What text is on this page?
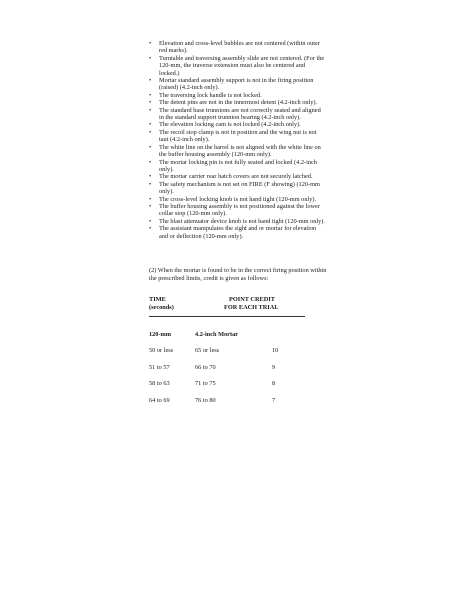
• Elevation and cross-level bubbles are not centered (within outer red marks).
• Turntable and traversing assembly slide are not centered. (For the 120-mm, the traverse extension must also be centered and locked.)
• Mortar standard assembly support is not in the firing position (raised) (4.2-inch only).
• The traversing lock handle is not locked.
• The detent pins are not in the innermost detent (4.2-inch only).
• The standard base trunnions are not correctly seated and aligned in the standard support trunnion bearing (4.2-inch only).
• The elevation locking cam is not locked (4.2-inch only).
• The recoil stop clamp is not in position and the wing nut is not taut (4.2-inch only).
• The white line on the barrel is not aligned with the white line on the buffer housing assembly (120-mm only).
• The mortar locking pin is not fully seated and locked (4.2-inch only).
• The mortar carrier rear hatch covers are not securely latched.
• The safety mechanism is not set on FIRE (F showing) (120-mm only).
• The cross-level locking knob is not hand tight (120-mm only).
• The buffer housing assembly is not positioned against the lower collar stop (120-mm only).
• The blast attenuator device knob is not hand tight (120-mm only).
• The assistant manipulates the sight and or mortar for elevation and or deflection (120-mm only).

(2) When the mortar is found to be in the correct firing position within the prescribed limits, credit is given as follows:

TIME
(seconds)
POINT CREDIT
FOR EACH TRIAL
120-mm	4.2-inch Mortar
50 or less	65 or less	10
51 to 57	66 to 70	9
58 to 63	71 to 75	8
64 to 69	76 to 80	7
